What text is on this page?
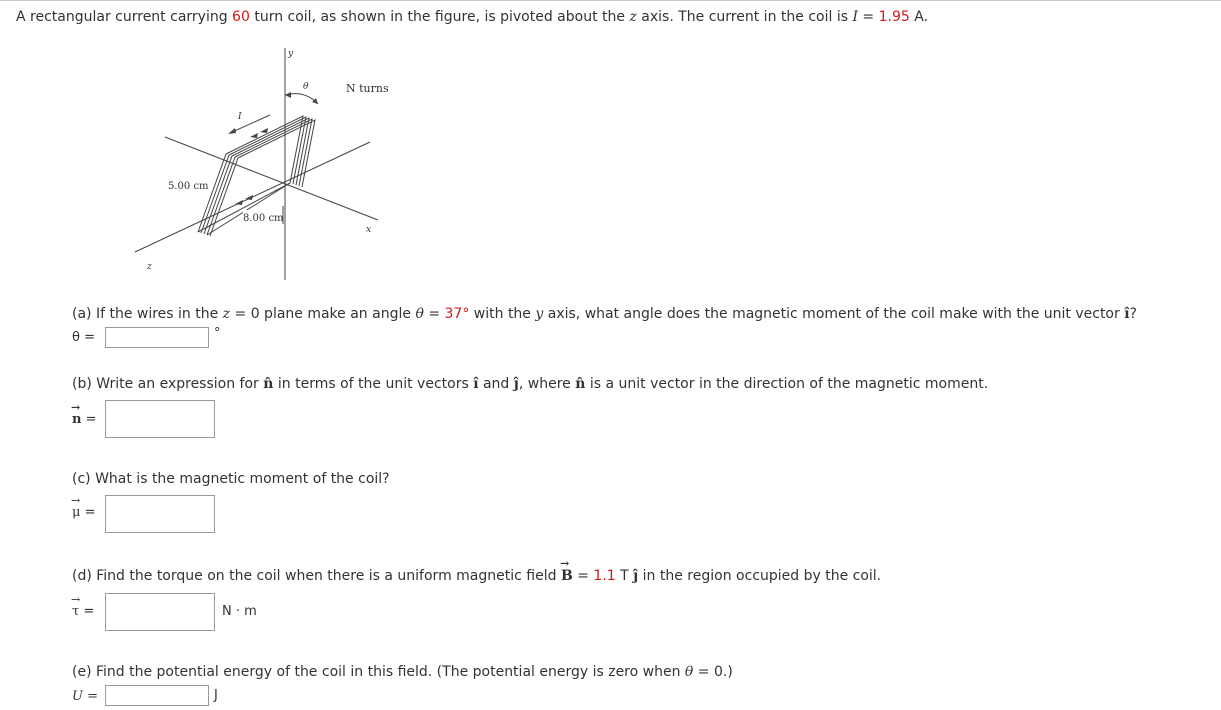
A rectangular current carrying 60 turn coil, as shown in the figure, is pivoted about the z axis. The current in the coil is I = 1.95 A.
8.00 cm
5.00 cm
y
θ	N turns
I
x
z
(a) If the wires in the z = 0 plane make an angle θ = 37° with the y axis, what angle does the magnetic moment of the coil make with the unit vector î?
θ =	°
(b) Write an expression for n̂ in terms of the unit vectors î and ĵ, where n̂ is a unit vector in the direction of the magnetic moment.
→
n =
(c) What is the magnetic moment of the coil?
→
μ =
(d) Find the torque on the coil when there is a uniform magnetic field
→
B = 1.1 T ĵ in the region occupied by the coil.
→
τ =	N · m
(e) Find the potential energy of the coil in this field. (The potential energy is zero when θ = 0.)
U =	J
